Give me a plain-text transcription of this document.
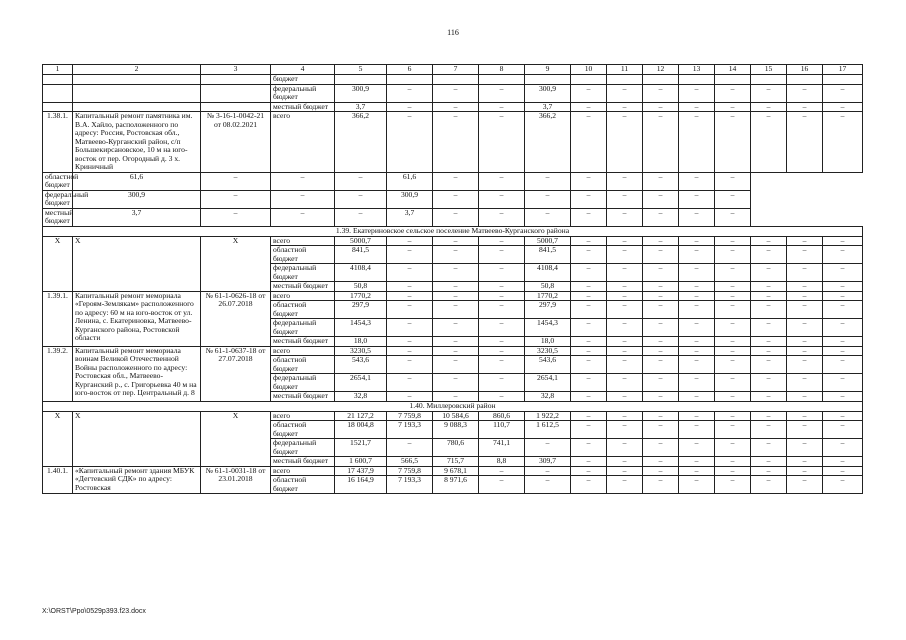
116
1	2	3	4	5	6	7	8	9	10	11	12	13	14	15	16	17
			бюджет													
			федеральный бюджет	300,9	–	–	–	300,9	–	–	–	–	–	–	–	–
			местный бюджет	3,7	–	–	–	3,7	–	–	–	–	–	–	–	–
1.38.1.	Капитальный ремонт памятника им. В.А. Хайло, расположенного по адресу: Россия, Ростовская обл., Матвеево-Курганский район, с/п Большекирсановское, 10 м на юго-восток от пер. Огородный д. 3 х. Криничный	№ 3-16-1-0042-21 от 08.02.2021	всего	366,2	–	–	–	366,2	–	–	–	–	–	–	–	–
областной бюджет	61,6	–	–	–	61,6	–	–	–	–	–	–	–	–			
федеральный бюджет	300,9	–	–	–	300,9	–	–	–	–	–	–	–	–			
местный бюджет	3,7	–	–	–	3,7	–	–	–	–	–	–	–	–			
1.39. Екатериновское сельское поселение Матвеево-Курганского района																
Х	Х	Х	всего	5000,7	–	–	–	5000,7	–	–	–	–	–	–	–	–
			областной бюджет	841,5	–	–	–	841,5	–	–	–	–	–	–	–	–
			федеральный бюджет	4108,4	–	–	–	4108,4	–	–	–	–	–	–	–	–
			местный бюджет	50,8	–	–	–	50,8	–	–	–	–	–	–	–	–
1.39.1.	Капитальный ремонт мемориала «Героям-Землякам» расположенного по адресу: 60 м на юго-восток от ул. Ленина, с. Екатериновка, Матвеево-Курганского района, Ростовской области	№ 61-1-0626-18 от 26.07.2018	всего	1770,2	–	–	–	1770,2	–	–	–	–	–	–	–	–
			областной бюджет	297,9	–	–	–	297,9	–	–	–	–	–	–	–	–
			федеральный бюджет	1454,3	–	–	–	1454,3	–	–	–	–	–	–	–	–
			местный бюджет	18,0	–	–	–	18,0	–	–	–	–	–	–	–	–
1.39.2.	Капитальный ремонт мемориала воинам Великой Отечественной Войны расположенного по адресу: Ростовская обл., Матвеево-Курганский р., с. Григорьевка 40 м на юго-восток от пер. Центральный д. 8	№ 61-1-0637-18 от 27.07.2018	всего	3230,5	–	–	–	3230,5	–	–	–	–	–	–	–	–
			областной бюджет	543,6	–	–	–	543,6	–	–	–	–	–	–	–	–
			федеральный бюджет	2654,1	–	–	–	2654,1	–	–	–	–	–	–	–	–
			местный бюджет	32,8	–	–	–	32,8	–	–	–	–	–	–	–	–
1.40. Миллеровский район																
Х	Х	Х	всего	21 127,2	7 759,8	10 584,6	860,6	1 922,2	–	–	–	–	–	–	–	–
			областной бюджет	18 004,8	7 193,3	9 088,3	110,7	1 612,5	–	–	–	–	–	–	–	–
			федеральный бюджет	1521,7	–	780,6	741,1	–	–	–	–	–	–	–	–	–
			местный бюджет	1 600,7	566,5	715,7	8,8	309,7	–	–	–	–	–	–	–	–
1.40.1.	«Капитальный ремонт здания МБУК «Дегтевский СДК» по адресу: Ростовская	№ 61-1-0031-18 от 23.01.2018	всего	17 437,9	7 759,8	9 678,1	–	–	–	–	–	–	–	–	–	–
			областной бюджет	16 164,9	7 193,3	8 971,6	–	–	–	–	–	–	–	–	–	–
X:\ORST\Ppo\0529p393.f23.docx
